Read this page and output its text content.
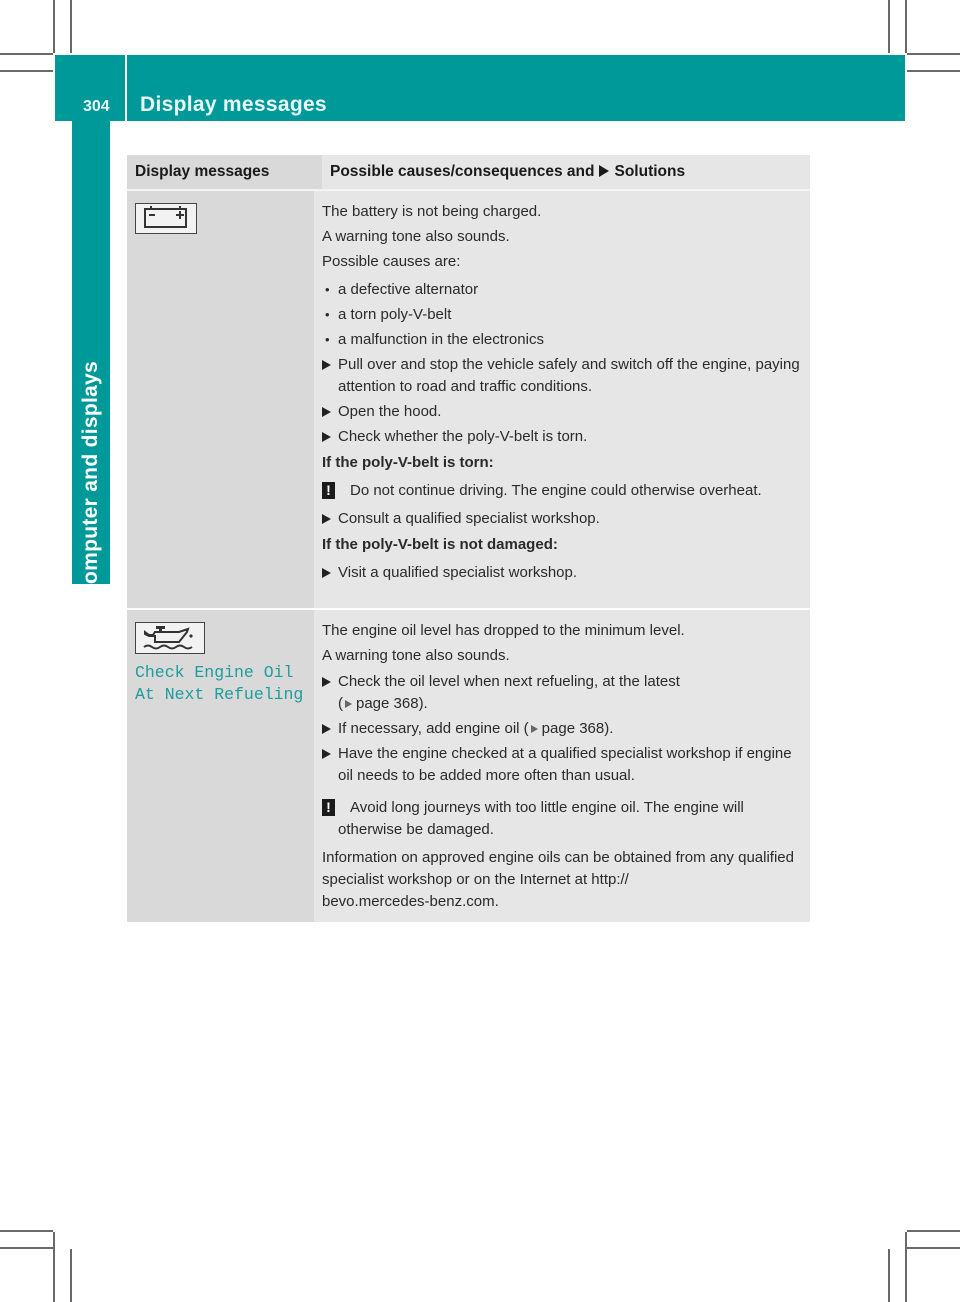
304 Display messages
On-board computer and displays
Display messages	Possible causes/consequences and Solutions

The battery is not being charged.

A warning tone also sounds.

Possible causes are:

• a defective alternator
• a torn poly-V-belt
• a malfunction in the electronics
Pull over and stop the vehicle safely and switch off the engine, paying attention to road and traffic conditions.
Open the hood.
Check whether the poly-V-belt is torn.
If the poly-V-belt is torn:
! Do not continue driving. The engine could otherwise overheat.
Consult a qualified specialist workshop.
If the poly-V-belt is not damaged:
Visit a qualified specialist workshop.
Check Engine Oil
At Next Refueling

The engine oil level has dropped to the minimum level.

A warning tone also sounds.

Check the oil level when next refueling, at the latest
( page 368).
If necessary, add engine oil ( page 368).
Have the engine checked at a qualified specialist workshop if engine oil needs to be added more often than usual.
! Avoid long journeys with too little engine oil. The engine will otherwise be damaged.

Information on approved engine oils can be obtained from any qualified specialist workshop or on the Internet at http://

bevo.mercedes-benz.com.
